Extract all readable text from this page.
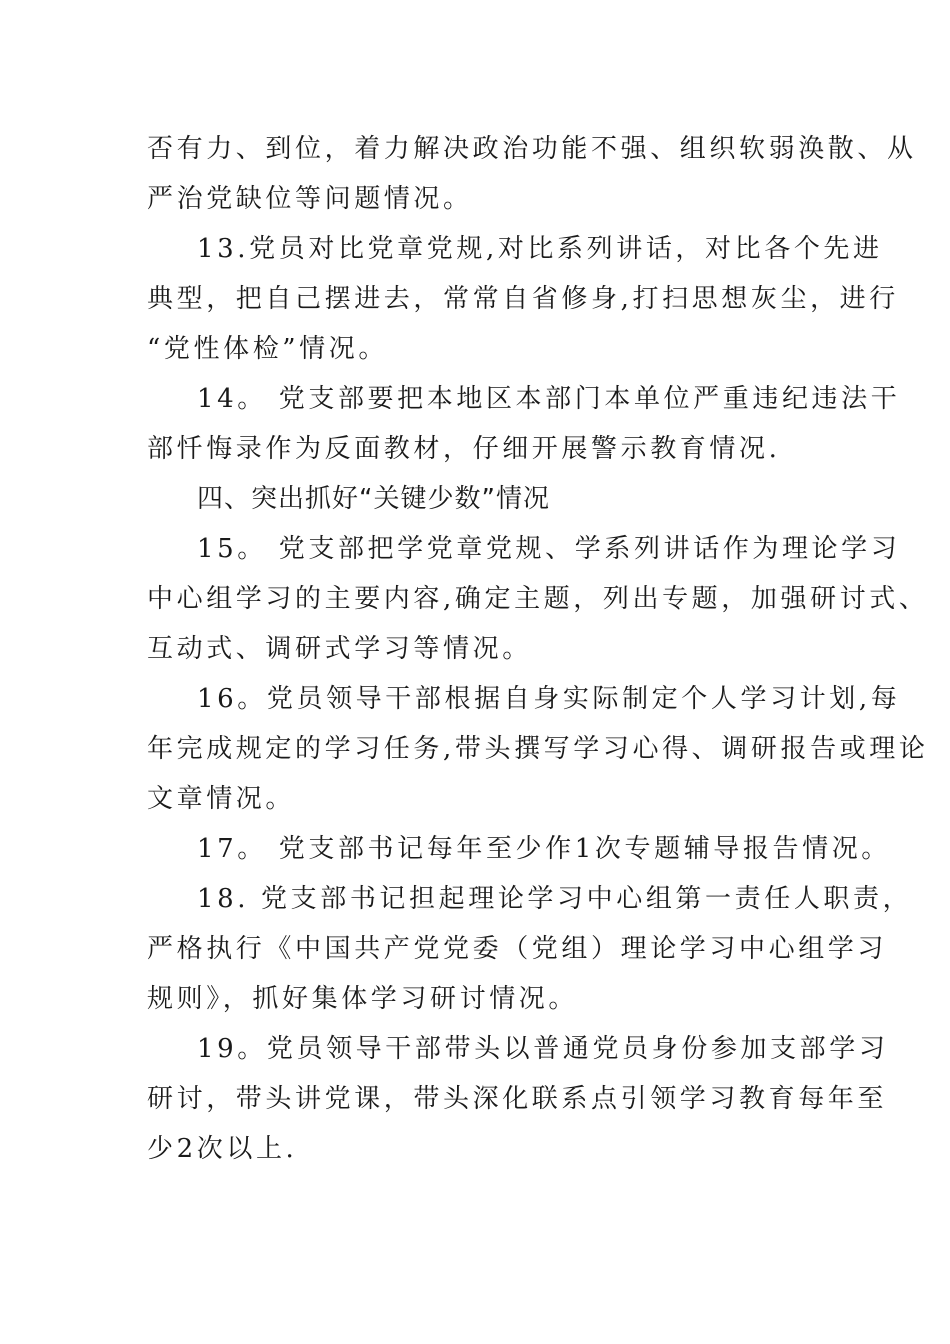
否有力、到位，着力解决政治功能不强、组织软弱涣散、从
严治党缺位等问题情况。
13.党员对比党章党规,对比系列讲话，对比各个先进
典型，把自己摆进去，常常自省修身,打扫思想灰尘，进行
“党性体检”情况。
14。 党支部要把本地区本部门本单位严重违纪违法干
部忏悔录作为反面教材，仔细开展警示教育情况.
四、突出抓好“关键少数”情况
15。 党支部把学党章党规、学系列讲话作为理论学习
中心组学习的主要内容,确定主题，列出专题，加强研讨式、
互动式、调研式学习等情况。
16。党员领导干部根据自身实际制定个人学习计划,每
年完成规定的学习任务,带头撰写学习心得、调研报告或理论
文章情况。
17。 党支部书记每年至少作1次专题辅导报告情况。
18. 党支部书记担起理论学习中心组第一责任人职责，
严格执行《中国共产党党委（党组）理论学习中心组学习
规则》，抓好集体学习研讨情况。
19。党员领导干部带头以普通党员身份参加支部学习
研讨，带头讲党课，带头深化联系点引领学习教育每年至
少2次以上.
